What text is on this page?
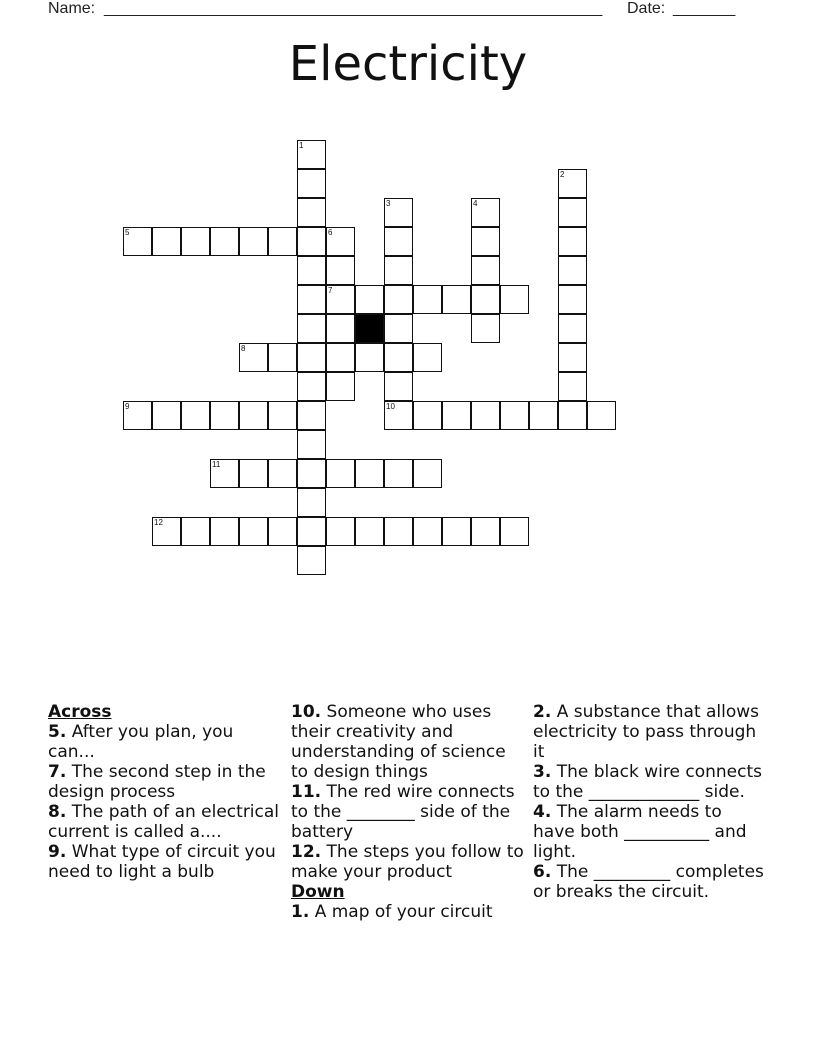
Name: ________________________________________________________ Date: _______
Electricity
1
2
3
10
4
5	6
7
8
9
11
12
Across
5. After you plan, you can...
7. The second step in the design process
8. The path of an electrical current is called a....
9. What type of circuit you need to light a bulb
10. Someone who uses their creativity and understanding of science to design things
11. The red wire connects to the ________ side of the battery
12. The steps you follow to make your product
Down
1. A map of your circuit
2. A substance that allows electricity to pass through it
3. The black wire connects to the _____________ side.
4. The alarm needs to have both __________ and light.
6. The _________ completes or breaks the circuit.
